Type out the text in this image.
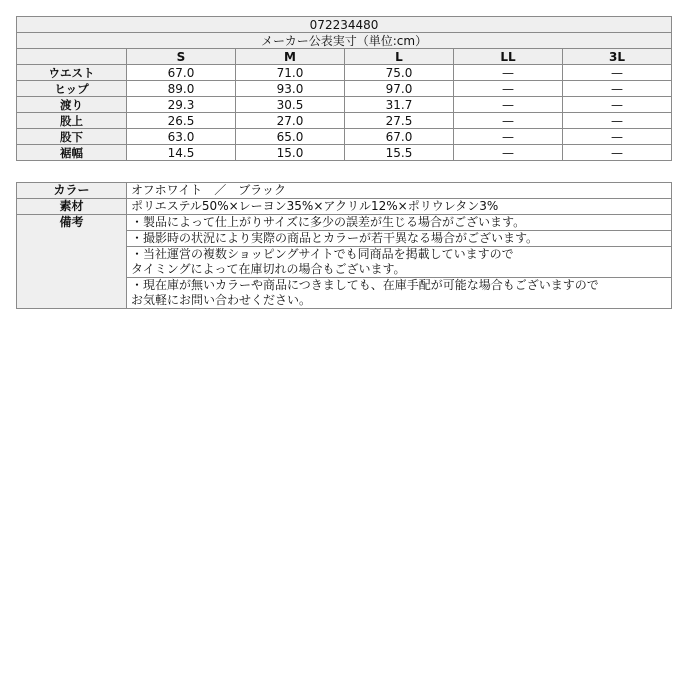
072234480					
メーカー公表実寸（単位:cm）					
	S	M	L	LL	3L
ウエスト	67.0	71.0	75.0	—	—
ヒップ	89.0	93.0	97.0	—	—
渡り	29.3	30.5	31.7	—	—
股上	26.5	27.0	27.5	—	—
股下	63.0	65.0	67.0	—	—
裾幅	14.5	15.0	15.5	—	—
カラー	オフホワイト　／　ブラック
素材	ポリエステル50%×レーヨン35%×アクリル12%×ポリウレタン3%
備考	・製品によって仕上がりサイズに多少の誤差が生じる場合がございます。
	・撮影時の状況により実際の商品とカラーが若干異なる場合がございます。
	・当社運営の複数ショッピングサイトでも同商品を掲載していますので
タイミングによって在庫切れの場合もございます。
	・現在庫が無いカラーや商品につきましても、在庫手配が可能な場合もございますので
お気軽にお問い合わせください。
